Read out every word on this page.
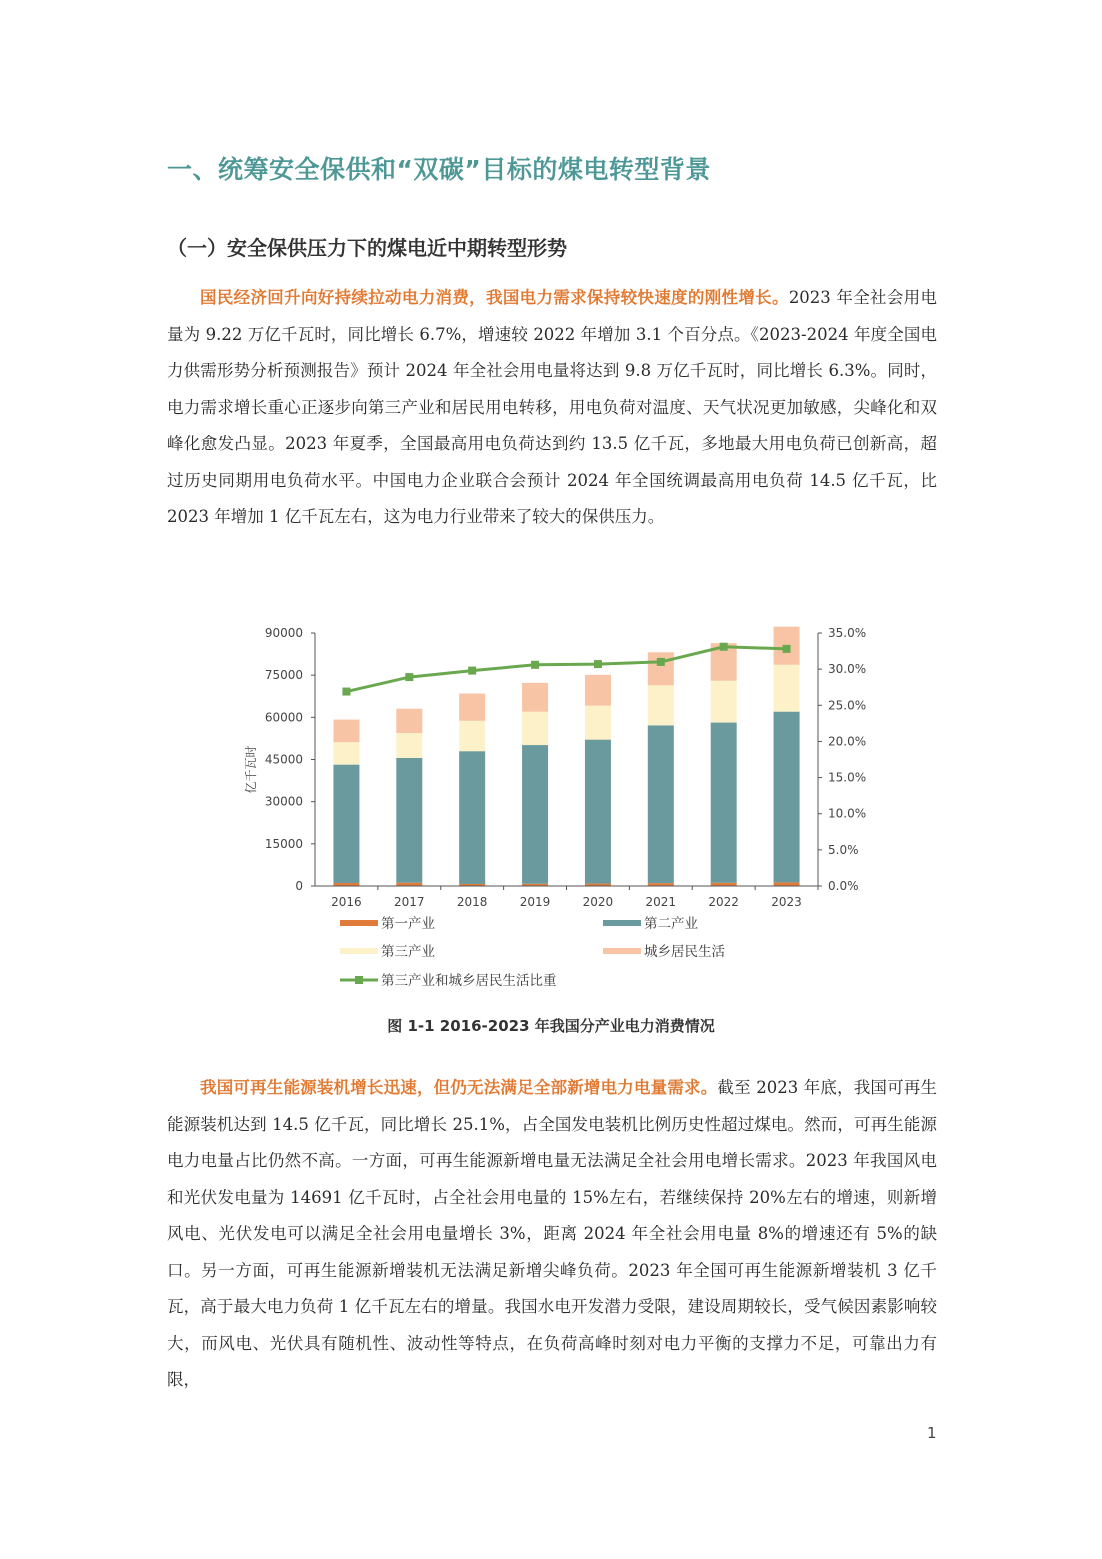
一、统筹安全保供和“双碳”目标的煤电转型背景
（一）安全保供压力下的煤电近中期转型形势

国民经济回升向好持续拉动电力消费，我国电力需求保持较快速度的刚性增长。2023 年全社会用电量为 9.22 万亿千瓦时，同比增长 6.7%，增速较 2022 年增加 3.1 个百分点。《2023-2024 年度全国电力供需形势分析预测报告》预计 2024 年全社会用电量将达到 9.8 万亿千瓦时，同比增长 6.3%。同时，电力需求增长重心正逐步向第三产业和居民用电转移，用电负荷对温度、天气状况更加敏感，尖峰化和双峰化愈发凸显。2023 年夏季，全国最高用电负荷达到约 13.5 亿千瓦，多地最大用电负荷已创新高，超过历史同期用电负荷水平。中国电力企业联合会预计 2024 年全国统调最高用电负荷 14.5 亿千瓦，比 2023 年增加 1 亿千瓦左右，这为电力行业带来了较大的保供压力。

90000
75000
60000
45000
30000
15000
0
35.0%
30.0%
25.0%
20.0%
15.0%
10.0%
5.0%
0.0%
亿千瓦时
2016	2017	2018	2019	2020	2021	2022	2023
第一产业	第二产业
第三产业	城乡居民生活
第三产业和城乡居民生活比重
图 1-1 2016-2023 年我国分产业电力消费情况

我国可再生能源装机增长迅速，但仍无法满足全部新增电力电量需求。截至 2023 年底，我国可再生能源装机达到 14.5 亿千瓦，同比增长 25.1%，占全国发电装机比例历史性超过煤电。然而，可再生能源电力电量占比仍然不高。一方面，可再生能源新增电量无法满足全社会用电增长需求。2023 年我国风电和光伏发电量为 14691 亿千瓦时，占全社会用电量的 15%左右，若继续保持 20%左右的增速，则新增风电、光伏发电可以满足全社会用电量增长 3%，距离 2024 年全社会用电量 8%的增速还有 5%的缺口。另一方面，可再生能源新增装机无法满足新增尖峰负荷。2023 年全国可再生能源新增装机 3 亿千瓦，高于最大电力负荷 1 亿千瓦左右的增量。我国水电开发潜力受限，建设周期较长，受气候因素影响较大，而风电、光伏具有随机性、波动性等特点，在负荷高峰时刻对电力平衡的支撑力不足，可靠出力有限，

1
